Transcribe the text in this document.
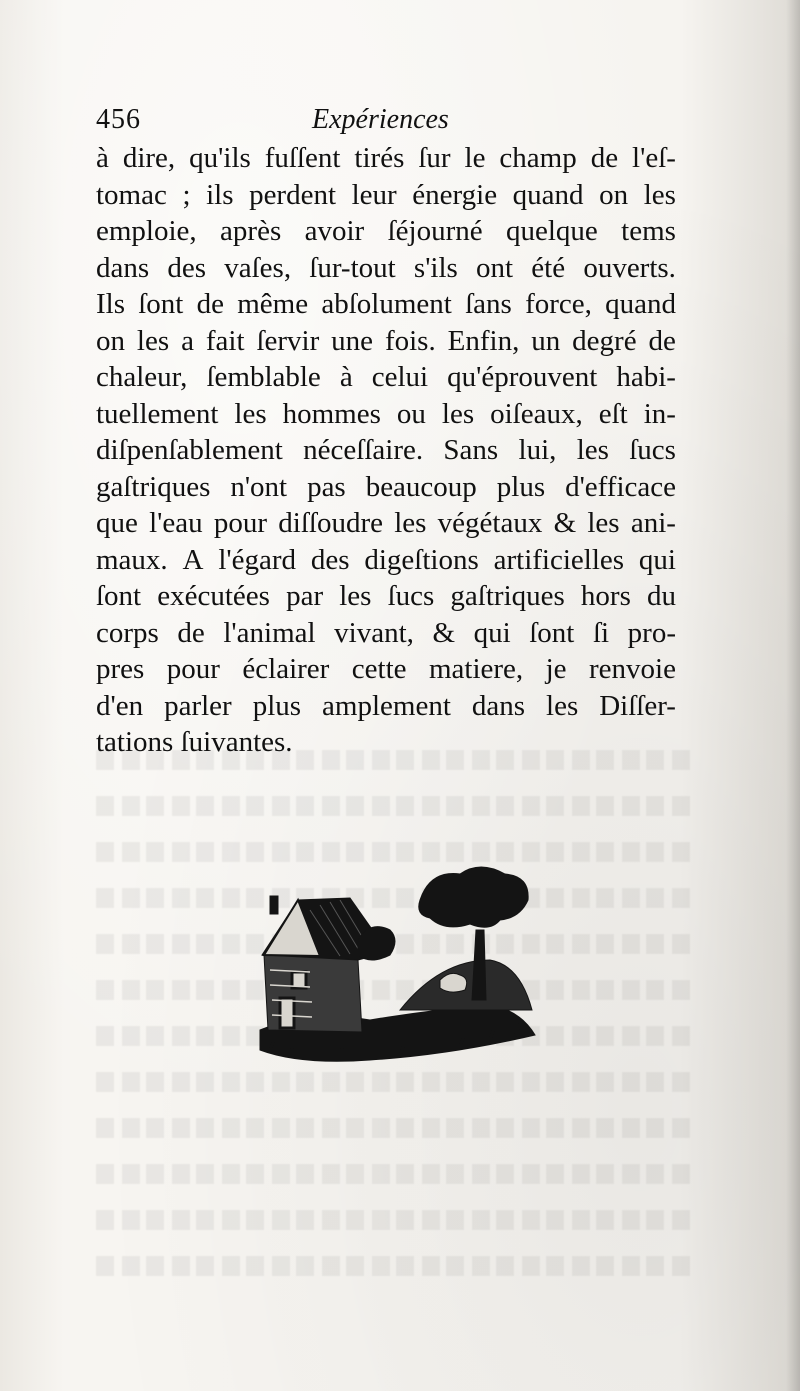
456	Expériences
à dire, qu'ils fuſſent tirés ſur le champ de l'eſ-
tomac ; ils perdent leur énergie quand on les
emploie, après avoir ſéjourné quelque tems
dans des vaſes, ſur-tout s'ils ont été ouverts.
Ils ſont de même abſolument ſans force, quand
on les a fait ſervir une fois. Enfin, un degré de
chaleur, ſemblable à celui qu'éprouvent habi-
tuellement les hommes ou les oiſeaux, eſt in-
diſpenſablement néceſſaire. Sans lui, les ſucs
gaſtriques n'ont pas beaucoup plus d'efficace
que l'eau pour diſſoudre les végétaux & les ani-
maux. A l'égard des digeſtions artificielles qui
ſont exécutées par les ſucs gaſtriques hors du
corps de l'animal vivant, & qui ſont ſi pro-
pres pour éclairer cette matiere, je renvoie
d'en parler plus amplement dans les Diſſer-
tations ſuivantes.
